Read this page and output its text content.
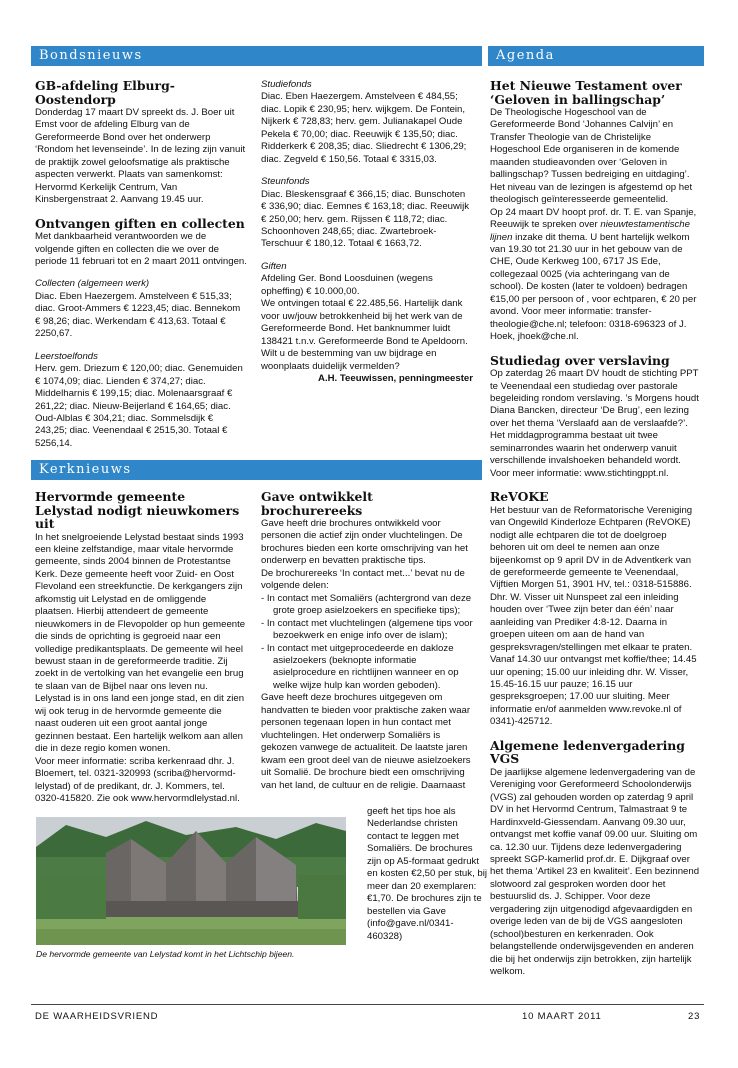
Bondsnieuws	Agenda
Kerknieuws
GB-afdeling Elburg-Oostendorp

Donderdag 17 maart DV spreekt ds. J. Boer uit Emst voor de afdeling Elburg van de Gereformeerde Bond over het onderwerp ‘Rondom het levenseinde’. In de lezing zijn vanuit de praktijk zowel geloofsmatige als praktische aspecten verwerkt. Plaats van samenkomst: Hervormd Kerkelijk Centrum, Van Kinsbergenstraat 2. Aanvang 19.45 uur.

Ontvangen giften en collecten

Met dankbaarheid verantwoorden we de volgende giften en collecten die we over de periode 11 februari tot en 2 maart 2011 ontvingen.

Collecten (algemeen werk)

Diac. Eben Haezergem. Amstelveen € 515,33; diac. Groot-Ammers € 1223,45; diac. Bennekom € 98,26; diac. Werkendam € 413,63. Totaal € 2250,67.

Leerstoelfonds

Herv. gem. Driezum € 120,00; diac. Genemuiden € 1074,09; diac. Lienden € 374,27; diac. Middelharnis € 199,15; diac. Molenaarsgraaf € 261,22; diac. Nieuw-Beijerland € 164,65; diac. Oud-Alblas € 304,21; diac. Sommelsdijk € 243,25; diac. Veenendaal € 2515,30. Totaal € 5256,14.

Studiefonds

Diac. Eben Haezergem. Amstelveen € 484,55; diac. Lopik € 230,95; herv. wijkgem. De Fontein, Nijkerk € 728,83; herv. gem. Julianakapel Oude Pekela € 70,00; diac. Reeuwijk € 135,50; diac. Ridderkerk € 208,35; diac. Sliedrecht € 1306,29; diac. Zegveld € 150,56. Totaal € 3315,03.

Steunfonds

Diac. Bleskensgraaf € 366,15; diac. Bunschoten € 336,90; diac. Eemnes € 163,18; diac. Reeuwijk € 250,00; herv. gem. Rijssen € 118,72; diac. Schoonhoven 248,65; diac. Zwartebroek-Terschuur € 180,12. Totaal € 1663,72.

Giften

Afdeling Ger. Bond Loosduinen (wegens opheffing) € 10.000,00.

We ontvingen totaal € 22.485,56. Hartelijk dank voor uw/jouw betrokkenheid bij het werk van de Gereformeerde Bond. Het banknummer luidt 138421 t.n.v. Gereformeerde Bond te Apeldoorn. Wilt u de bestemming van uw bijdrage en woonplaats duidelijk vermelden?

A.H. Teeuwissen, penningmeester

Hervormde gemeente Lelystad nodigt nieuwkomers uit

In het snelgroeiende Lelystad bestaat sinds 1993 een kleine zelfstandige, maar vitale hervormde gemeente, sinds 2004 binnen de Protestantse Kerk. Deze gemeente heeft voor Zuid- en Oost Flevoland een streekfunctie. De kerkgangers zijn afkomstig uit Lelystad en de omliggende plaatsen. Hierbij attendeert de gemeente nieuwkomers in de Flevopolder op hun gemeente die sinds de oprichting is gegroeid naar een volledige predikantsplaats. De gemeente wil heel bewust staan in de gereformeerde traditie. Zij zoekt in de vertolking van het evangelie een brug te slaan van de Bijbel naar ons leven nu.

Lelystad is in ons land een jonge stad, en dit zien wij ook terug in de hervormde gemeente die naast ouderen uit een groot aantal jonge gezinnen bestaat. Een hartelijk welkom aan allen die in deze regio komen wonen.

Voor meer informatie: scriba kerkenraad dhr. J. Bloemert, tel. 0321-320993 (scriba@hervormd-lelystad) of de predikant, dr. J. Kommers, tel. 0320-415820. Zie ook www.hervormdlelystad.nl.

Gave ontwikkelt brochurereeks

Gave heeft drie brochures ontwikkeld voor personen die actief zijn onder vluchtelingen. De brochures bieden een korte omschrijving van het onderwerp en bevatten praktische tips.

De brochurereeks ‘In contact met...’ bevat nu de volgende delen:

- In contact met Somaliërs (achtergrond van deze grote groep asielzoekers en specifieke tips);
- In contact met vluchtelingen (algemene tips voor bezoekwerk en enige info over de islam);
- In contact met uitgeprocedeerde en dakloze asielzoekers (beknopte informatie asielprocedure en richtlijnen wanneer en op welke wijze hulp kan worden geboden).

Gave heeft deze brochures uitgegeven om handvatten te bieden voor praktische zaken waar personen tegenaan lopen in hun contact met vluchtelingen. Het onderwerp Somaliërs is gekozen vanwege de actualiteit. De laatste jaren kwam een groot deel van de nieuwe asielzoekers uit Somalië. De brochure biedt een omschrijving van het land, de cultuur en de religie. Daarnaast

geeft het tips hoe als Nederlandse christen contact te leggen met Somaliërs. De brochures zijn op A5-formaat gedrukt en kosten €2,50 per stuk, bij meer dan 20 exemplaren: €1,70. De brochures zijn te bestellen via Gave (info@gave.nl/0341-460328)
De hervormde gemeente van Lelystad komt in het Lichtschip bijeen.
Het Nieuwe Testament over ‘Geloven in ballingschap’

De Theologische Hogeschool van de Gereformeerde Bond ‘Johannes Calvijn’ en Transfer Theologie van de Christelijke Hogeschool Ede organiseren in de komende maanden studieavonden over ‘Geloven in ballingschap? Tussen bedreiging en uitdaging’. Het niveau van de lezingen is afgestemd op het theologisch geïnteresseerde gemeentelid.

Op 24 maart DV hoopt prof. dr. T. E. van Spanje, Reeuwijk te spreken over nieuwtestamentische lijnen inzake dit thema. U bent hartelijk welkom van 19.30 tot 21.30 uur in het gebouw van de CHE, Oude Kerkweg 100, 6717 JS Ede, collegezaal 0025 (via achteringang van de school). De kosten (later te voldoen) bedragen €15,00 per persoon of , voor echtparen, € 20 per avond. Voor meer informatie: transfer-theologie@che.nl; telefoon: 0318-696323 of J. Hoek, jhoek@che.nl.

Studiedag over verslaving

Op zaterdag 26 maart DV houdt de stichting PPT te Veenendaal een studiedag over pastorale begeleiding rondom verslaving. ’s Morgens houdt Diana Bancken, directeur ‘De Brug’, een lezing over het thema ‘Verslaafd aan de verslaafde?’. Het middagprogramma bestaat uit twee seminarrondes waarin het onderwerp vanuit verschillende invalshoeken behandeld wordt. Voor meer informatie: www.stichtingppt.nl.

ReVOKE

Het bestuur van de Reformatorische Vereniging van Ongewild Kinderloze Echtparen (ReVOKE) nodigt alle echtparen die tot de doelgroep behoren uit om deel te nemen aan onze bijeenkomst op 9 april DV in de Adventkerk van de gereformeerde gemeente te Veenendaal, Vijftien Morgen 51, 3901 HV, tel.: 0318-515886. Dhr. W. Visser uit Nunspeet zal een inleiding houden over ‘Twee zijn beter dan één’ naar aanleiding van Prediker 4:8-12. Daarna in groepen uiteen om aan de hand van gespreksvragen/stellingen met elkaar te praten. Vanaf 14.30 uur ontvangst met koffie/thee; 14.45 uur opening; 15.00 uur inleiding dhr. W. Visser, 15.45-16.15 uur pauze; 16.15 uur gespreksgroepen; 17.00 uur sluiting. Meer informatie en/of aanmelden www.revoke.nl of 0341)-425712.

Algemene ledenvergadering VGS

De jaarlijkse algemene ledenvergadering van de Vereniging voor Gereformeerd Schoolonderwijs (VGS) zal gehouden worden op zaterdag 9 april DV in het Hervormd Centrum, Talmastraat 9 te Hardinxveld-Giessendam. Aanvang 09.30 uur, ontvangst met koffie vanaf 09.00 uur. Sluiting om ca. 12.30 uur. Tijdens deze ledenvergadering spreekt SGP-kamerlid prof.dr. E. Dijkgraaf over het thema ‘Artikel 23 en kwaliteit’. Een bezinnend slotwoord zal gesproken worden door het bestuurslid ds. J. Schipper. Voor deze vergadering zijn uitgenodigd afgevaardigden en overige leden van de bij de VGS aangesloten (school)besturen en kerkenraden. Ook belangstellende onderwijsgevenden en anderen die bij het onderwijs zijn betrokken, zijn hartelijk welkom.

DE WAARHEIDSVRIEND	10 MAART 2011	23
